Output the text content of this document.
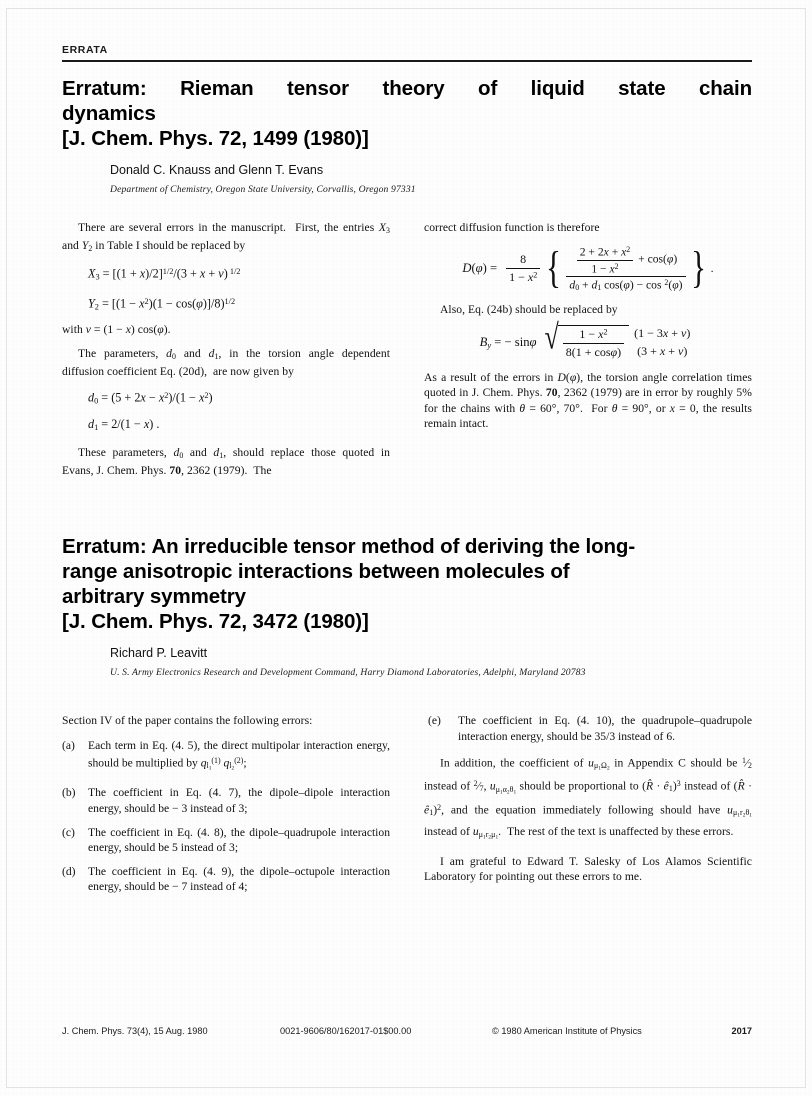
ERRATA
Erratum: Rieman tensor theory of liquid state chain
dynamics
[J. Chem. Phys. 72, 1499 (1980)]
Donald C. Knauss and Glenn T. Evans
Department of Chemistry, Oregon State University, Corvallis, Oregon 97331

There are several errors in the manuscript.  First, the entries $X_3$ and $Y_2$ in Table I should be replaced by

$X_3 = [(1 + x)/2]^{1/2}/(3 + x + v)$ $^{1/2}$
$Y_2 = [(1 - x^2)(1 - \cos(\varphi)]/8)^{1/2}$

with v = (1 − x) cos(φ).

The parameters, $d_0$ and $d_1$, in the torsion angle dependent diffusion coefficient Eq. (20d),  are now given by

$d_0 = (5 + 2x - x^2)/(1 - x^2)$
$d_1 = 2/(1 - x)$ .

These parameters, $d_0$ and $d_1$, should replace those quoted in Evans, J. Chem. Phys. 70, 2362 (1979).  The

correct diffusion function is therefore

$D(\varphi) = \frac{8}{1 - x^2}$ { $\frac{2 + 2x + x^2}{1 - x^2} + \cos(\varphi)$
$d_0 + d_1$ cos(φ) − cos $^2$(φ) } .

Also, Eq. (24b) should be replaced by

$B_y$ = − sinφ √ $\frac{1 - x^2}{8(1 + \cos\varphi)} (1 - 3x + v)$
(3 + x + v)

As a result of the errors in D(φ), the torsion angle correlation times quoted in J. Chem. Phys. 70, 2362 (1979) are in error by roughly 5% for the chains with θ = 60°, 70°.  For θ = 90°, or x = 0, the results remain intact.

Erratum: An irreducible tensor method of deriving the long-
range anisotropic interactions between molecules of
arbitrary symmetry
[J. Chem. Phys. 72, 3472 (1980)]
Richard P. Leavitt
U. S. Army Electronics Research and Development Command, Harry Diamond Laboratories, Adelphi, Maryland 20783

Section IV of the paper contains the following errors:

(a)	Each term in Eq. (4. 5), the direct multipolar interaction energy, should be multiplied by $q_{l_1}^{(1)}$ $q_{l_2}^{(2)}$;
(b)	The coefficient in Eq. (4. 7), the dipole–dipole interaction energy, should be − 3 instead of 3;
(c)	The coefficient in Eq. (4. 8), the dipole–quadrupole interaction energy, should be 5 instead of 3;
(d)	The coefficient in Eq. (4. 9), the dipole–octupole interaction energy, should be − 7 instead of 4;
(e)	The coefficient in Eq. (4. 10), the quadrupole–quadrupole interaction energy, should be 35/3 instead of 6.

In addition, the coefficient of $u_{\mu_1\Omega_2}$ in Appendix C should be $^1⁄_2$ instead of $^2⁄_7$, $u_{\mu_1\alpha_2\theta_1}$ should be proportional to (R̂ · $ê_1)^3$ instead of (R̂ · $ê_1)^2$, and the equation immediately following should have $u_{\mu_1r_2\theta_1}$ instead of $u_{\mu_1r_2\mu_1}$.  The rest of the text is unaffected by these errors.

I am grateful to Edward T. Salesky of Los Alamos Scientific Laboratory for pointing out these errors to me.

J. Chem. Phys. 73(4), 15 Aug. 1980	0021-9606/80/162017-01$00.00	© 1980 American Institute of Physics	2017
